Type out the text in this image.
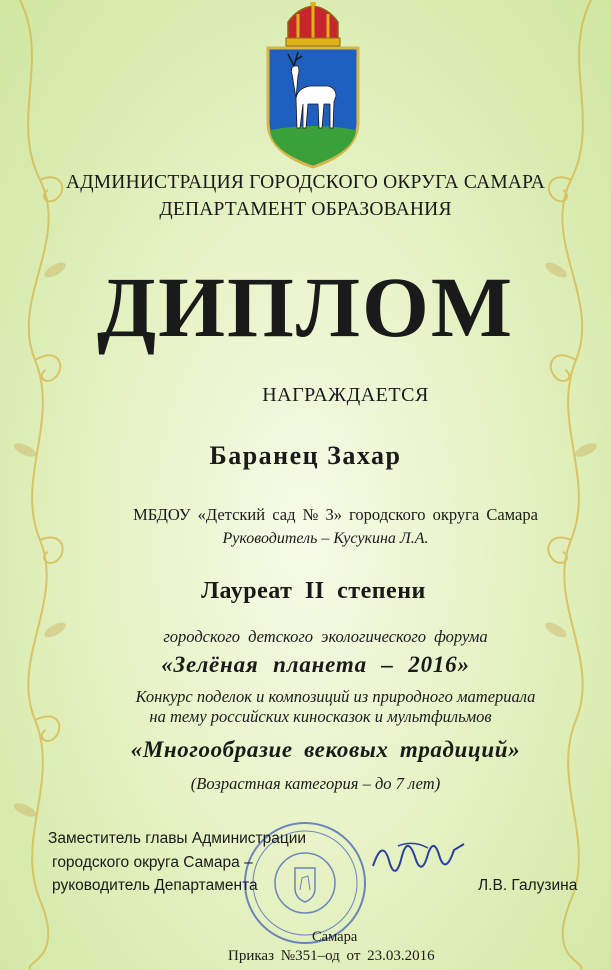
АДМИНИСТРАЦИЯ ГОРОДСКОГО ОКРУГА САМАРА
ДЕПАРТАМЕНТ ОБРАЗОВАНИЯ
ДИПЛОМ
НАГРАЖДАЕТСЯ
Баранец Захар
МБДОУ «Детский сад № 3» городского округа Самара
Руководитель – Кусукина Л.А.
Лауреат II степени
городского детского экологического форума
«Зелёная планета – 2016»
Конкурс поделок и композиций из природного материала
на тему российских киносказок и мультфильмов
«Многообразие вековых традиций»
(Возрастная категория – до 7 лет)
Заместитель главы Администрации
городского округа Самара –
руководитель Департамента	Л.В. Галузина
Самара
Приказ №351–од от 23.03.2016
